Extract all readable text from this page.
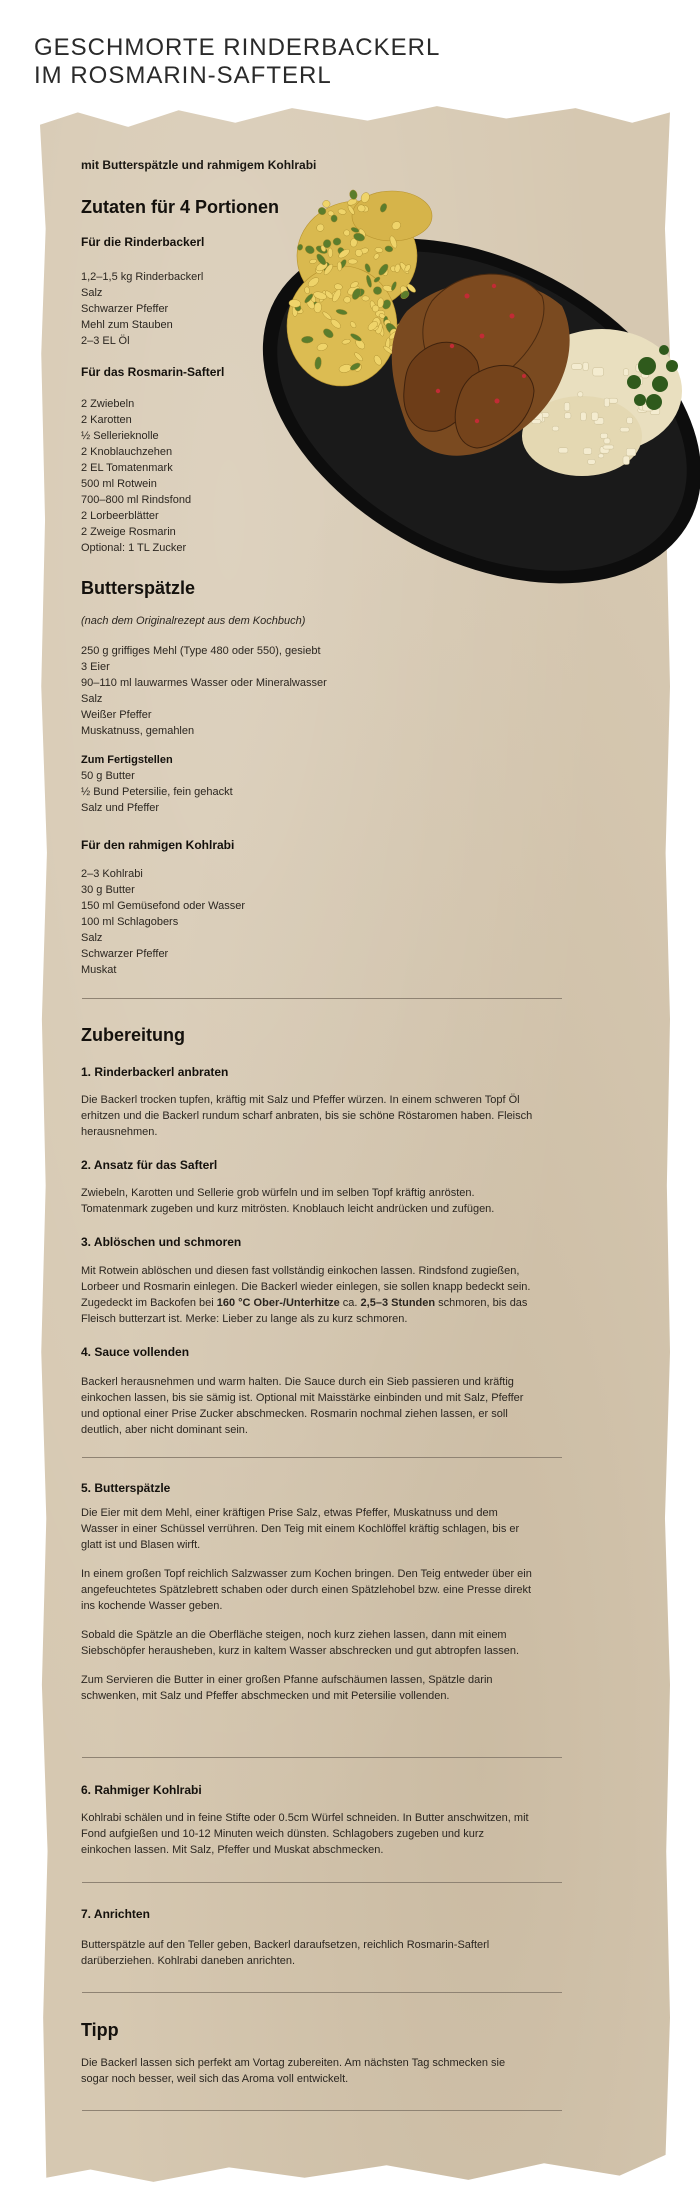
GESCHMORTE RINDERBACKERL
IM ROSMARIN-SAFTERL
mit Butterspätzle und rahmigem Kohlrabi
Zutaten für 4 Portionen
Für die Rinderbackerl
1,2–1,5 kg Rinderbackerl
Salz
Schwarzer Pfeffer
Mehl zum Stauben
2–3 EL Öl
Für das Rosmarin-Safterl
2 Zwiebeln
2 Karotten
½ Sellerieknolle
2 Knoblauchzehen
2 EL Tomatenmark
500 ml Rotwein
700–800 ml Rindsfond
2 Lorbeerblätter
2 Zweige Rosmarin
Optional: 1 TL Zucker
Butterspätzle
(nach dem Originalrezept aus dem Kochbuch)
250 g griffiges Mehl (Type 480 oder 550), gesiebt
3 Eier
90–110 ml lauwarmes Wasser oder Mineralwasser
Salz
Weißer Pfeffer
Muskatnuss, gemahlen
Zum Fertigstellen
50 g Butter
½ Bund Petersilie, fein gehackt
Salz und Pfeffer
Für den rahmigen Kohlrabi
2–3 Kohlrabi
30 g Butter
150 ml Gemüsefond oder Wasser
100 ml Schlagobers
Salz
Schwarzer Pfeffer
Muskat
Zubereitung
1. Rinderbackerl anbraten
Die Backerl trocken tupfen, kräftig mit Salz und Pfeffer würzen. In einem schweren Topf Öl
erhitzen und die Backerl rundum scharf anbraten, bis sie schöne Röstaromen haben. Fleisch
herausnehmen.
2. Ansatz für das Safterl
Zwiebeln, Karotten und Sellerie grob würfeln und im selben Topf kräftig anrösten.
Tomatenmark zugeben und kurz mitrösten. Knoblauch leicht andrücken und zufügen.
3. Ablöschen und schmoren
Mit Rotwein ablöschen und diesen fast vollständig einkochen lassen. Rindsfond zugießen,
Lorbeer und Rosmarin einlegen. Die Backerl wieder einlegen, sie sollen knapp bedeckt sein.
Zugedeckt im Backofen bei 160 °C Ober-/Unterhitze ca. 2,5–3 Stunden schmoren, bis das
Fleisch butterzart ist. Merke: Lieber zu lange als zu kurz schmoren.
4. Sauce vollenden
Backerl herausnehmen und warm halten. Die Sauce durch ein Sieb passieren und kräftig
einkochen lassen, bis sie sämig ist. Optional mit Maisstärke einbinden und mit Salz, Pfeffer
und optional einer Prise Zucker abschmecken. Rosmarin nochmal ziehen lassen, er soll
deutlich, aber nicht dominant sein.
5. Butterspätzle
Die Eier mit dem Mehl, einer kräftigen Prise Salz, etwas Pfeffer, Muskatnuss und dem
Wasser in einer Schüssel verrühren. Den Teig mit einem Kochlöffel kräftig schlagen, bis er
glatt ist und Blasen wirft.
In einem großen Topf reichlich Salzwasser zum Kochen bringen. Den Teig entweder über ein
angefeuchtetes Spätzlebrett schaben oder durch einen Spätzlehobel bzw. eine Presse direkt
ins kochende Wasser geben.
Sobald die Spätzle an die Oberfläche steigen, noch kurz ziehen lassen, dann mit einem
Siebschöpfer herausheben, kurz in kaltem Wasser abschrecken und gut abtropfen lassen.
Zum Servieren die Butter in einer großen Pfanne aufschäumen lassen, Spätzle darin
schwenken, mit Salz und Pfeffer abschmecken und mit Petersilie vollenden.
6. Rahmiger Kohlrabi
Kohlrabi schälen und in feine Stifte oder 0.5cm Würfel schneiden. In Butter anschwitzen, mit
Fond aufgießen und 10-12 Minuten weich dünsten. Schlagobers zugeben und kurz
einkochen lassen. Mit Salz, Pfeffer und Muskat abschmecken.
7. Anrichten
Butterspätzle auf den Teller geben, Backerl daraufsetzen, reichlich Rosmarin-Safterl
darüberziehen. Kohlrabi daneben anrichten.
Tipp
Die Backerl lassen sich perfekt am Vortag zubereiten. Am nächsten Tag schmecken sie
sogar noch besser, weil sich das Aroma voll entwickelt.
